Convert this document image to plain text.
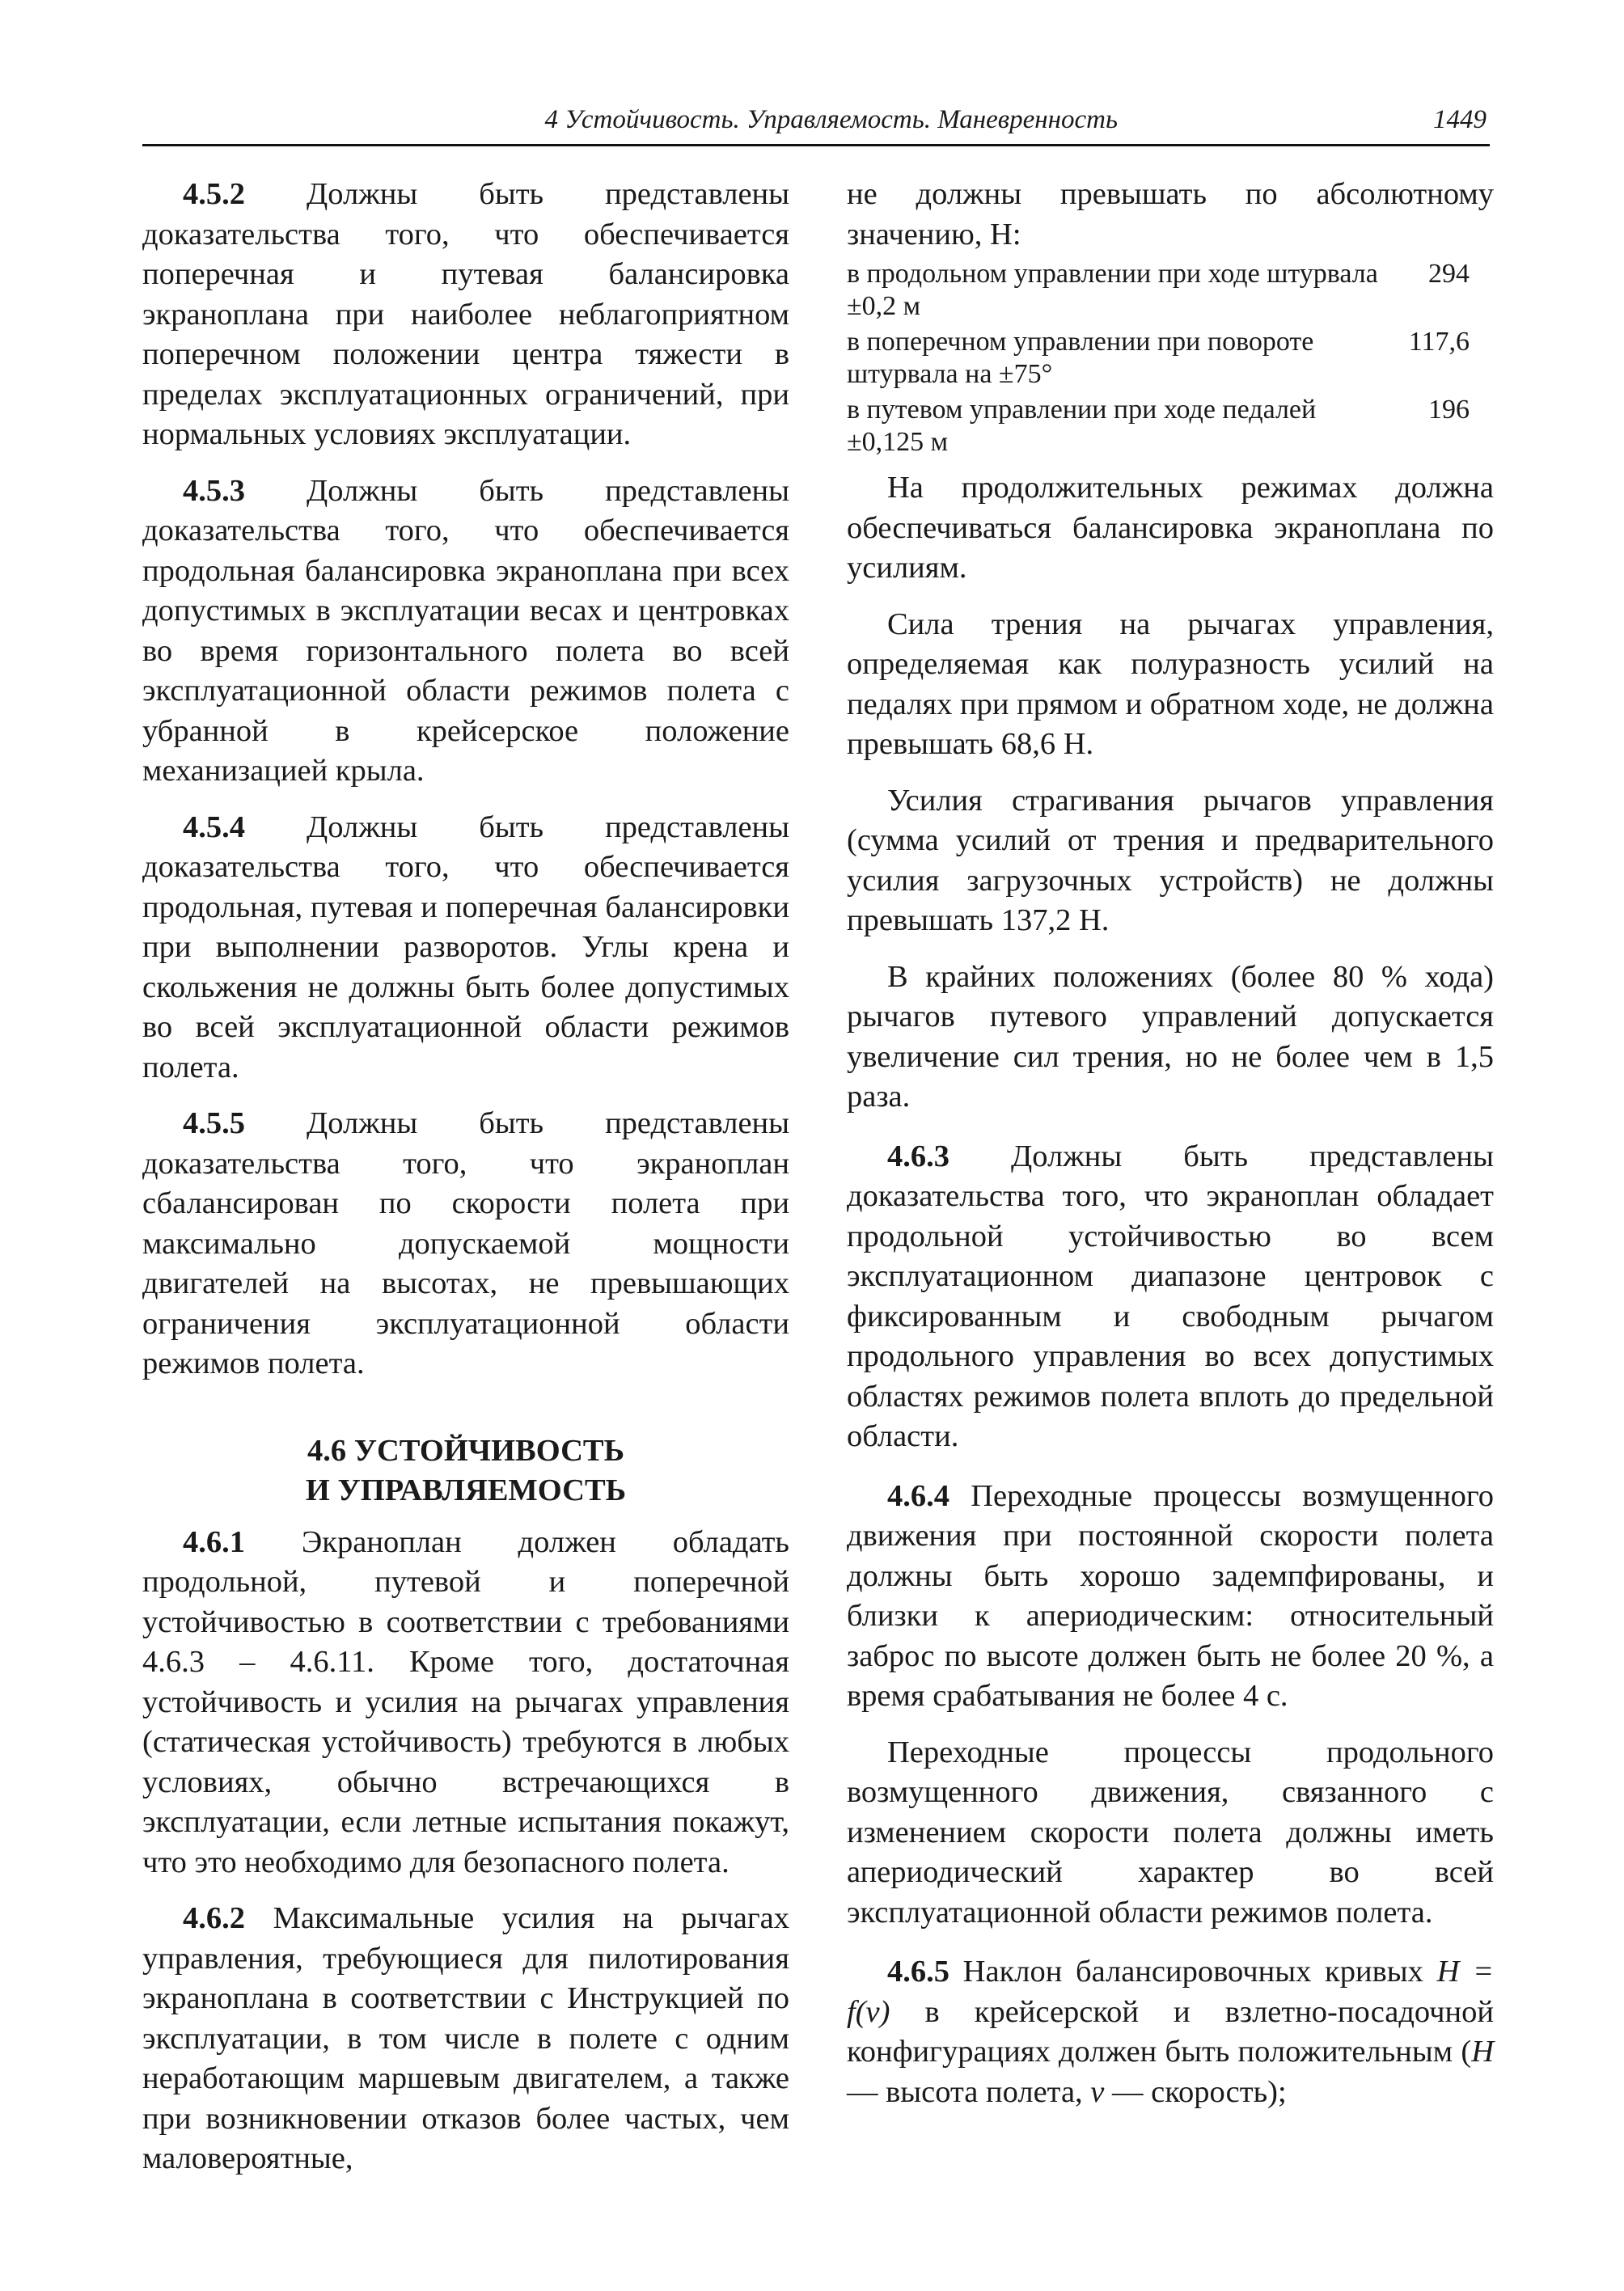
4 Устойчивость. Управляемость. Маневренность	1449

4.5.2 Должны быть представлены доказательства того, что обеспечивается поперечная и путевая балансировка экраноплана при наиболее неблагоприятном поперечном положении центра тяжести в пределах эксплуатационных ограничений, при нормальных условиях эксплуатации.

4.5.3 Должны быть представлены доказательства того, что обеспечивается продольная балансировка экраноплана при всех допустимых в эксплуатации весах и центровках во время горизонтального полета во всей эксплуатационной области режимов полета с убранной в крейсерское положение механизацией крыла.

4.5.4 Должны быть представлены доказательства того, что обеспечивается продольная, путевая и поперечная балансировки при выполнении разворотов. Углы крена и скольжения не должны быть более допустимых во всей эксплуатационной области режимов полета.

4.5.5 Должны быть представлены доказательства того, что экраноплан сбалансирован по скорости полета при максимально допускаемой мощности двигателей на высотах, не превышающих ограничения эксплуатационной области режимов полета.

4.6 УСТОЙЧИВОСТЬ
И УПРАВЛЯЕМОСТЬ

4.6.1 Экраноплан должен обладать продольной, путевой и поперечной устойчивостью в соответствии с требованиями 4.6.3 – 4.6.11. Кроме того, достаточная устойчивость и усилия на рычагах управления (статическая устойчивость) требуются в любых условиях, обычно встречающихся в эксплуатации, если летные испытания покажут, что это необходимо для безопасного полета.

4.6.2 Максимальные усилия на рычагах управления, требующиеся для пилотирования экраноплана в соответствии с Инструкцией по эксплуатации, в том числе в полете с одним неработающим маршевым двигателем, а также при возникновении отказов более частых, чем маловероятные,

не должны превышать по абсолютному значению, Н:

в продольном управлении при ходе штурвала ±0,2 м
294
в поперечном управлении при повороте штурвала на ±75°
117,6
в путевом управлении при ходе педалей ±0,125 м
196

На продолжительных режимах должна обеспечиваться балансировка экраноплана по усилиям.

Сила трения на рычагах управления, определяемая как полуразность усилий на педалях при прямом и обратном ходе, не должна превышать 68,6 Н.

Усилия страгивания рычагов управления (сумма усилий от трения и предварительного усилия загрузочных устройств) не должны превышать 137,2 Н.

В крайних положениях (более 80 % хода) рычагов путевого управлений допускается увеличение сил трения, но не более чем в 1,5 раза.

4.6.3 Должны быть представлены доказательства того, что экраноплан обладает продольной устойчивостью во всем эксплуатационном диапазоне центровок с фиксированным и свободным рычагом продольного управления во всех допустимых областях режимов полета вплоть до предельной области.

4.6.4 Переходные процессы возмущенного движения при постоянной скорости полета должны быть хорошо задемпфированы, и близки к апериодическим: относительный заброс по высоте должен быть не более 20 %, а время срабатывания не более 4 с.

Переходные процессы продольного возмущенного движения, связанного с изменением скорости полета должны иметь апериодический характер во всей эксплуатационной области режимов полета.

4.6.5 Наклон балансировочных кривых H = f(v) в крейсерской и взлетно-посадочной конфигурациях должен быть положительным (H — высота полета, v — скорость);
